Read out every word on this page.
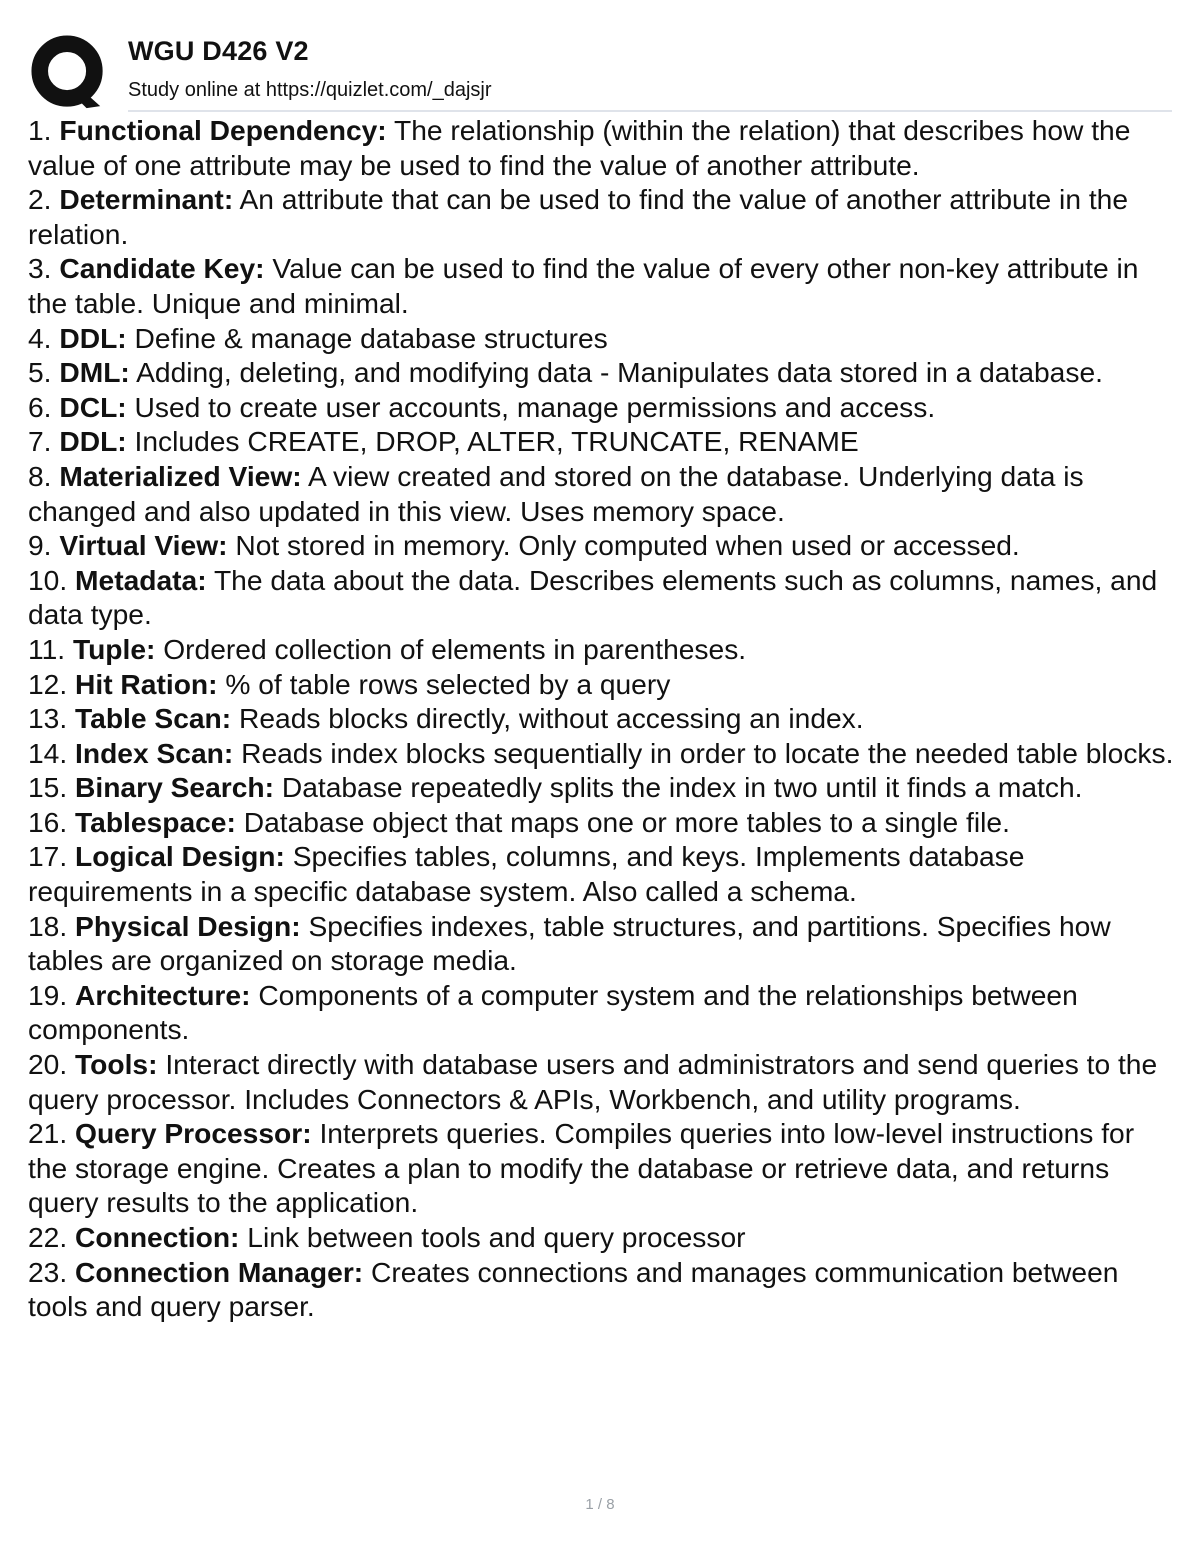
WGU D426 V2
Study online at https://quizlet.com/_dajsjr

1. Functional Dependency: The relationship (within the relation) that describes how the value of one attribute may be used to find the value of another attribute.

2. Determinant: An attribute that can be used to find the value of another attribute in the relation.

3. Candidate Key: Value can be used to find the value of every other non-key attribute in the table. Unique and minimal.

4. DDL: Define & manage database structures

5. DML: Adding, deleting, and modifying data - Manipulates data stored in a database.

6. DCL: Used to create user accounts, manage permissions and access.

7. DDL: Includes CREATE, DROP, ALTER, TRUNCATE, RENAME

8. Materialized View: A view created and stored on the database. Underlying data is changed and also updated in this view. Uses memory space.

9. Virtual View: Not stored in memory. Only computed when used or accessed.

10. Metadata: The data about the data. Describes elements such as columns, names, and data type.

11. Tuple: Ordered collection of elements in parentheses.

12. Hit Ration: % of table rows selected by a query

13. Table Scan: Reads blocks directly, without accessing an index.

14. Index Scan: Reads index blocks sequentially in order to locate the needed table blocks.

15. Binary Search: Database repeatedly splits the index in two until it finds a match.

16. Tablespace: Database object that maps one or more tables to a single file.

17. Logical Design: Specifies tables, columns, and keys. Implements database requirements in a specific database system. Also called a schema.

18. Physical Design: Specifies indexes, table structures, and partitions. Specifies how tables are organized on storage media.

19. Architecture: Components of a computer system and the relationships between components.

20. Tools: Interact directly with database users and administrators and send queries to the query processor. Includes Connectors & APIs, Workbench, and utility programs.

21. Query Processor: Interprets queries. Compiles queries into low-level instructions for the storage engine. Creates a plan to modify the database or retrieve data, and returns query results to the application.

22. Connection: Link between tools and query processor

23. Connection Manager: Creates connections and manages communication between tools and query parser.

1 / 8
